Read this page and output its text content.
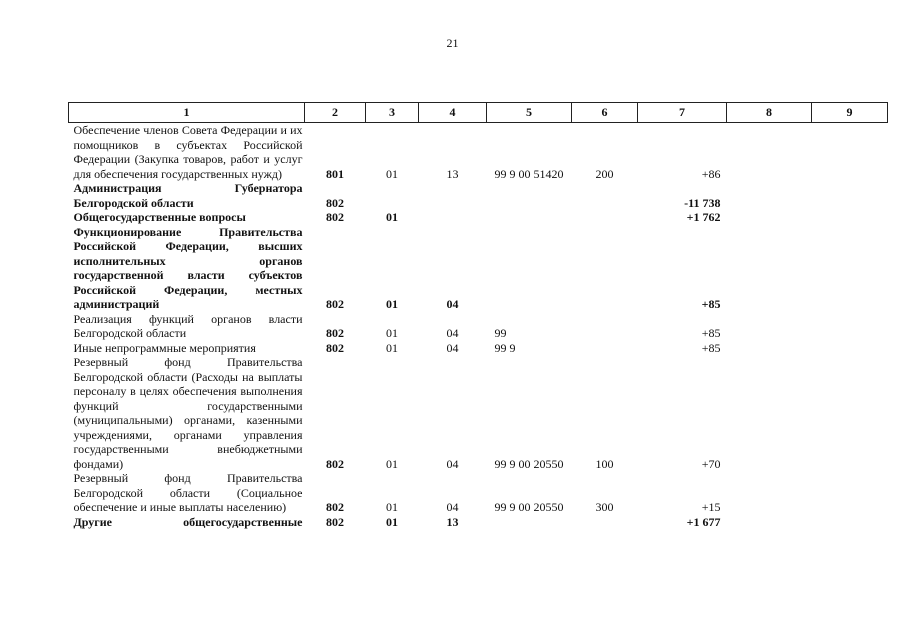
21
1	2	3	4	5	6	7	8	9
Обеспечение членов Совета Федерации и их помощников в субъектах Российской Федерации (Закупка товаров, работ и услуг для обеспечения государственных нужд)	801	01	13	99 9 00 51420	200	+86		
Администрация Губернатора Белгородской области	802					-11 738		
Общегосударственные вопросы	802	01				+1 762		
Функционирование Правительства Российской Федерации, высших исполнительных органов государственной власти субъектов Российской Федерации, местных администраций	802	01	04			+85		
Реализация функций органов власти Белгородской области	802	01	04	99		+85		
Иные непрограммные мероприятия	802	01	04	99 9		+85		
Резервный фонд Правительства Белгородской области (Расходы на выплаты персоналу в целях обеспечения выполнения функций государственными (муниципальными) органами, казенными учреждениями, органами управления государственными внебюджетными фондами)	802	01	04	99 9 00 20550	100	+70		
Резервный фонд Правительства Белгородской области (Социальное обеспечение и иные выплаты населению)	802	01	04	99 9 00 20550	300	+15		
Другие общегосударственные	802	01	13			+1 677		
